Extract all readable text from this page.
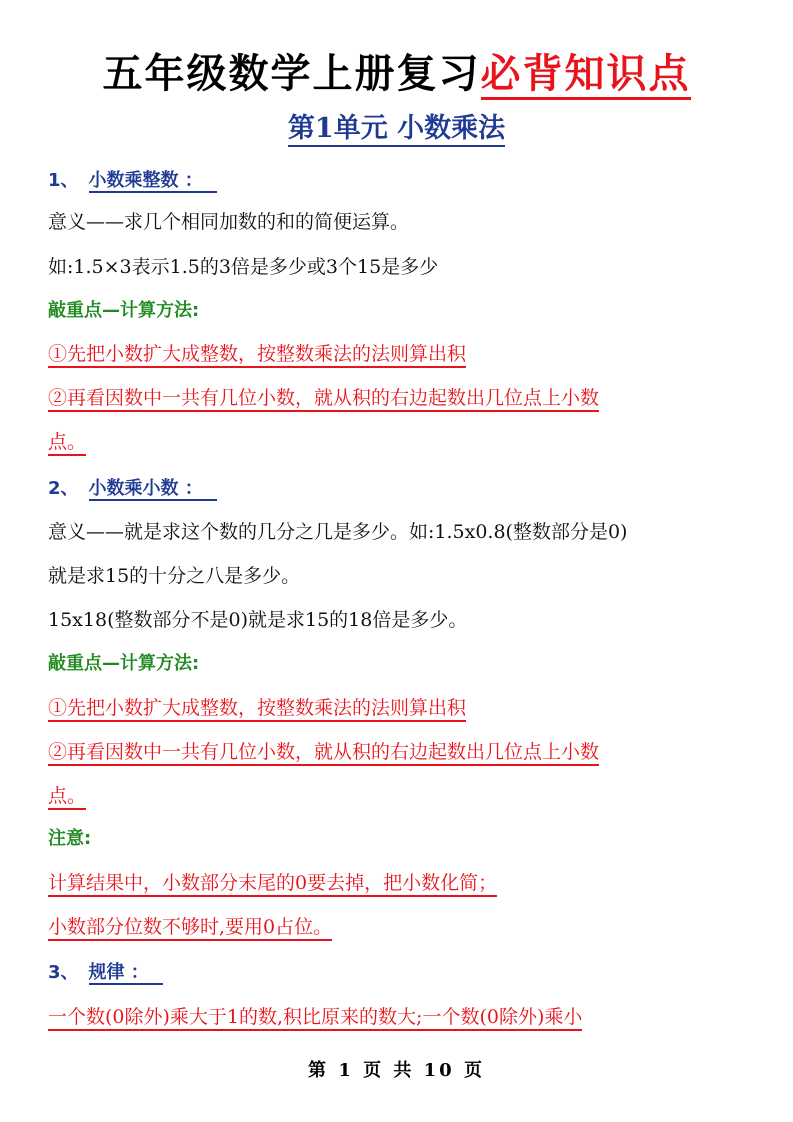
五年级数学上册复习必背知识点
第1单元 小数乘法
1、 小数乘整数 ：
意义——求几个相同加数的和的简便运算。
如:1.5×3表示1.5的3倍是多少或3个15是多少
敲重点—计算方法:
①先把小数扩大成整数，按整数乘法的法则算出积
②再看因数中一共有几位小数，就从积的右边起数出几位点上小数
点。
2、 小数乘小数 ：
意义——就是求这个数的几分之几是多少。如:1.5x0.8(整数部分是0)
就是求15的十分之八是多少。
15x18(整数部分不是0)就是求15的18倍是多少。
敲重点—计算方法:
①先把小数扩大成整数，按整数乘法的法则算出积
②再看因数中一共有几位小数，就从积的右边起数出几位点上小数
点。
注意:
计算结果中，小数部分末尾的0要去掉，把小数化简；
小数部分位数不够时,要用0占位。
3、 规律 ：
一个数(0除外)乘大于1的数,积比原来的数大;一个数(0除外)乘小
第 1 页 共 10 页
